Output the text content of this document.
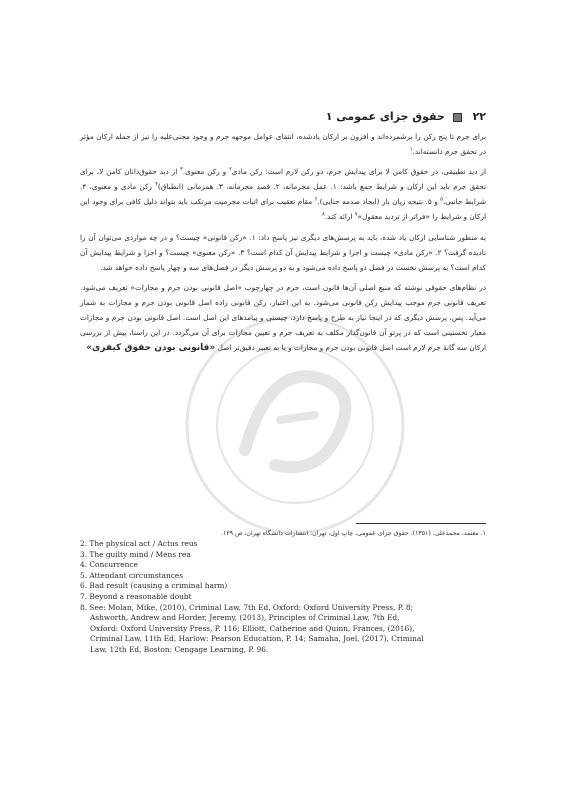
۲۲  حقوق جزای عمومی ۱

برای جرم تا پنج رکن را برشمرده‌اند و افزون بر ارکان یادشده، انتفای عوامل موجهه جرم و وجود مجنی‌علیه را نیز از جمله ارکان مؤثر در تحقق جرم دانسته‌اند.$^۱$

از دید تطبیقی، در حقوق کامن لا برای پیدایش جرم، دو رکن لازم است: رکن مادی$^۲$ و رکن معنوی.$^۳$ از دید حقوق‌دانان کامن لا، برای تحقق جرم باید این ارکان و شرایط جمع باشد: ۱. عمل مجرمانه، ۲. قصد مجرمانه، ۳. همزمانی (انطباق)$^۴$ رکن مادی و معنوی، ۴. شرایط جانبی،$^۵$ و ۵. نتیجه زیان بار (ایجاد صدمه جنایی).$^۶$ مقام تعقیب برای اثبات مجرمیت مرتکب باید بتواند دلیل کافی برای وجود این ارکان و شرایط را «فراتر از تردید معقول»$^۷$ ارائه کند.$^۸$

به منظور شناسایی ارکان یاد شده، باید به پرسش‌های دیگری نیز پاسخ داد: ۱. «رکن قانونی» چیست؟ و در چه مواردی می‌توان آن را نادیده گرفت؟ ۲. «رکن مادی» چیست و اجزا و شرایط پیدایش آن کدام است؟ ۳. «رکن معنوی» چیست؟ و اجزا و شرایط پیدایش آن کدام است؟ به پرسش نخست در فصل دو پاسخ داده می‌شود و به دو پرسش دیگر در فصل‌های سه و چهار پاسخ داده خواهد شد.

در نظام‌های حقوقی نوشته که منبع اصلی آن‌ها قانون است، جرم در چهارچوب «اصل قانونی بودن جرم و مجازات» تعریف می‌شود. تعریف قانونی جرم موجب پیدایش رکن قانونی می‌شود. به این اعتبار، رکن قانونی زاده اصل قانونی بودن جرم و مجازات به شمار می‌آید. پس، پرسش دیگری که در اینجا نیاز به طرح و پاسخ دارد، چیستی و پیامدهای این اصل است. اصل قانونی بودن جرم و مجازات معیار نخستینی است که در پرتو آن قانون‌گذار مکلف به تعریف جرم و تعیین مجازات برای آن می‌گردد. در این راستا، پیش از بررسی ارکان سه گانهٔ جرم لازم است اصل قانونی بودن جرم و مجازات و یا به تعبیر دقیق‌تر اصل «قانونی بودن حقوق کیفری»

۱. معتمد، محمدعلی، (۱۳۵۱)، حقوق جزای عمومی، چاپ اول، تهران: انتشارات دانشگاه تهران، ص ۱۲۹.
2. The physical act / Actus reus
3. The guilty mind / Mens rea
4. Concurrence
5. Attendant circumstances
6. Bad result (causing a criminal harm)
7. Beyond a reasonable doubt
8. See: Molan, Mike, (2010), Criminal Law, 7th Ed, Oxford: Oxford University Press, P. 8;
Ashworth, Andrew and Horder, Jeremy, (2013), Principles of Criminal Law, 7th Ed,
Oxford: Oxford University Press, P. 116; Elliott, Catherine and Quinn, Frances, (2016),
Criminal Law, 11th Ed, Harlow: Pearson Education, P. 14; Samaha, Joel, (2017), Criminal
Law, 12th Ed, Boston: Cengage Learning, P. 96.
